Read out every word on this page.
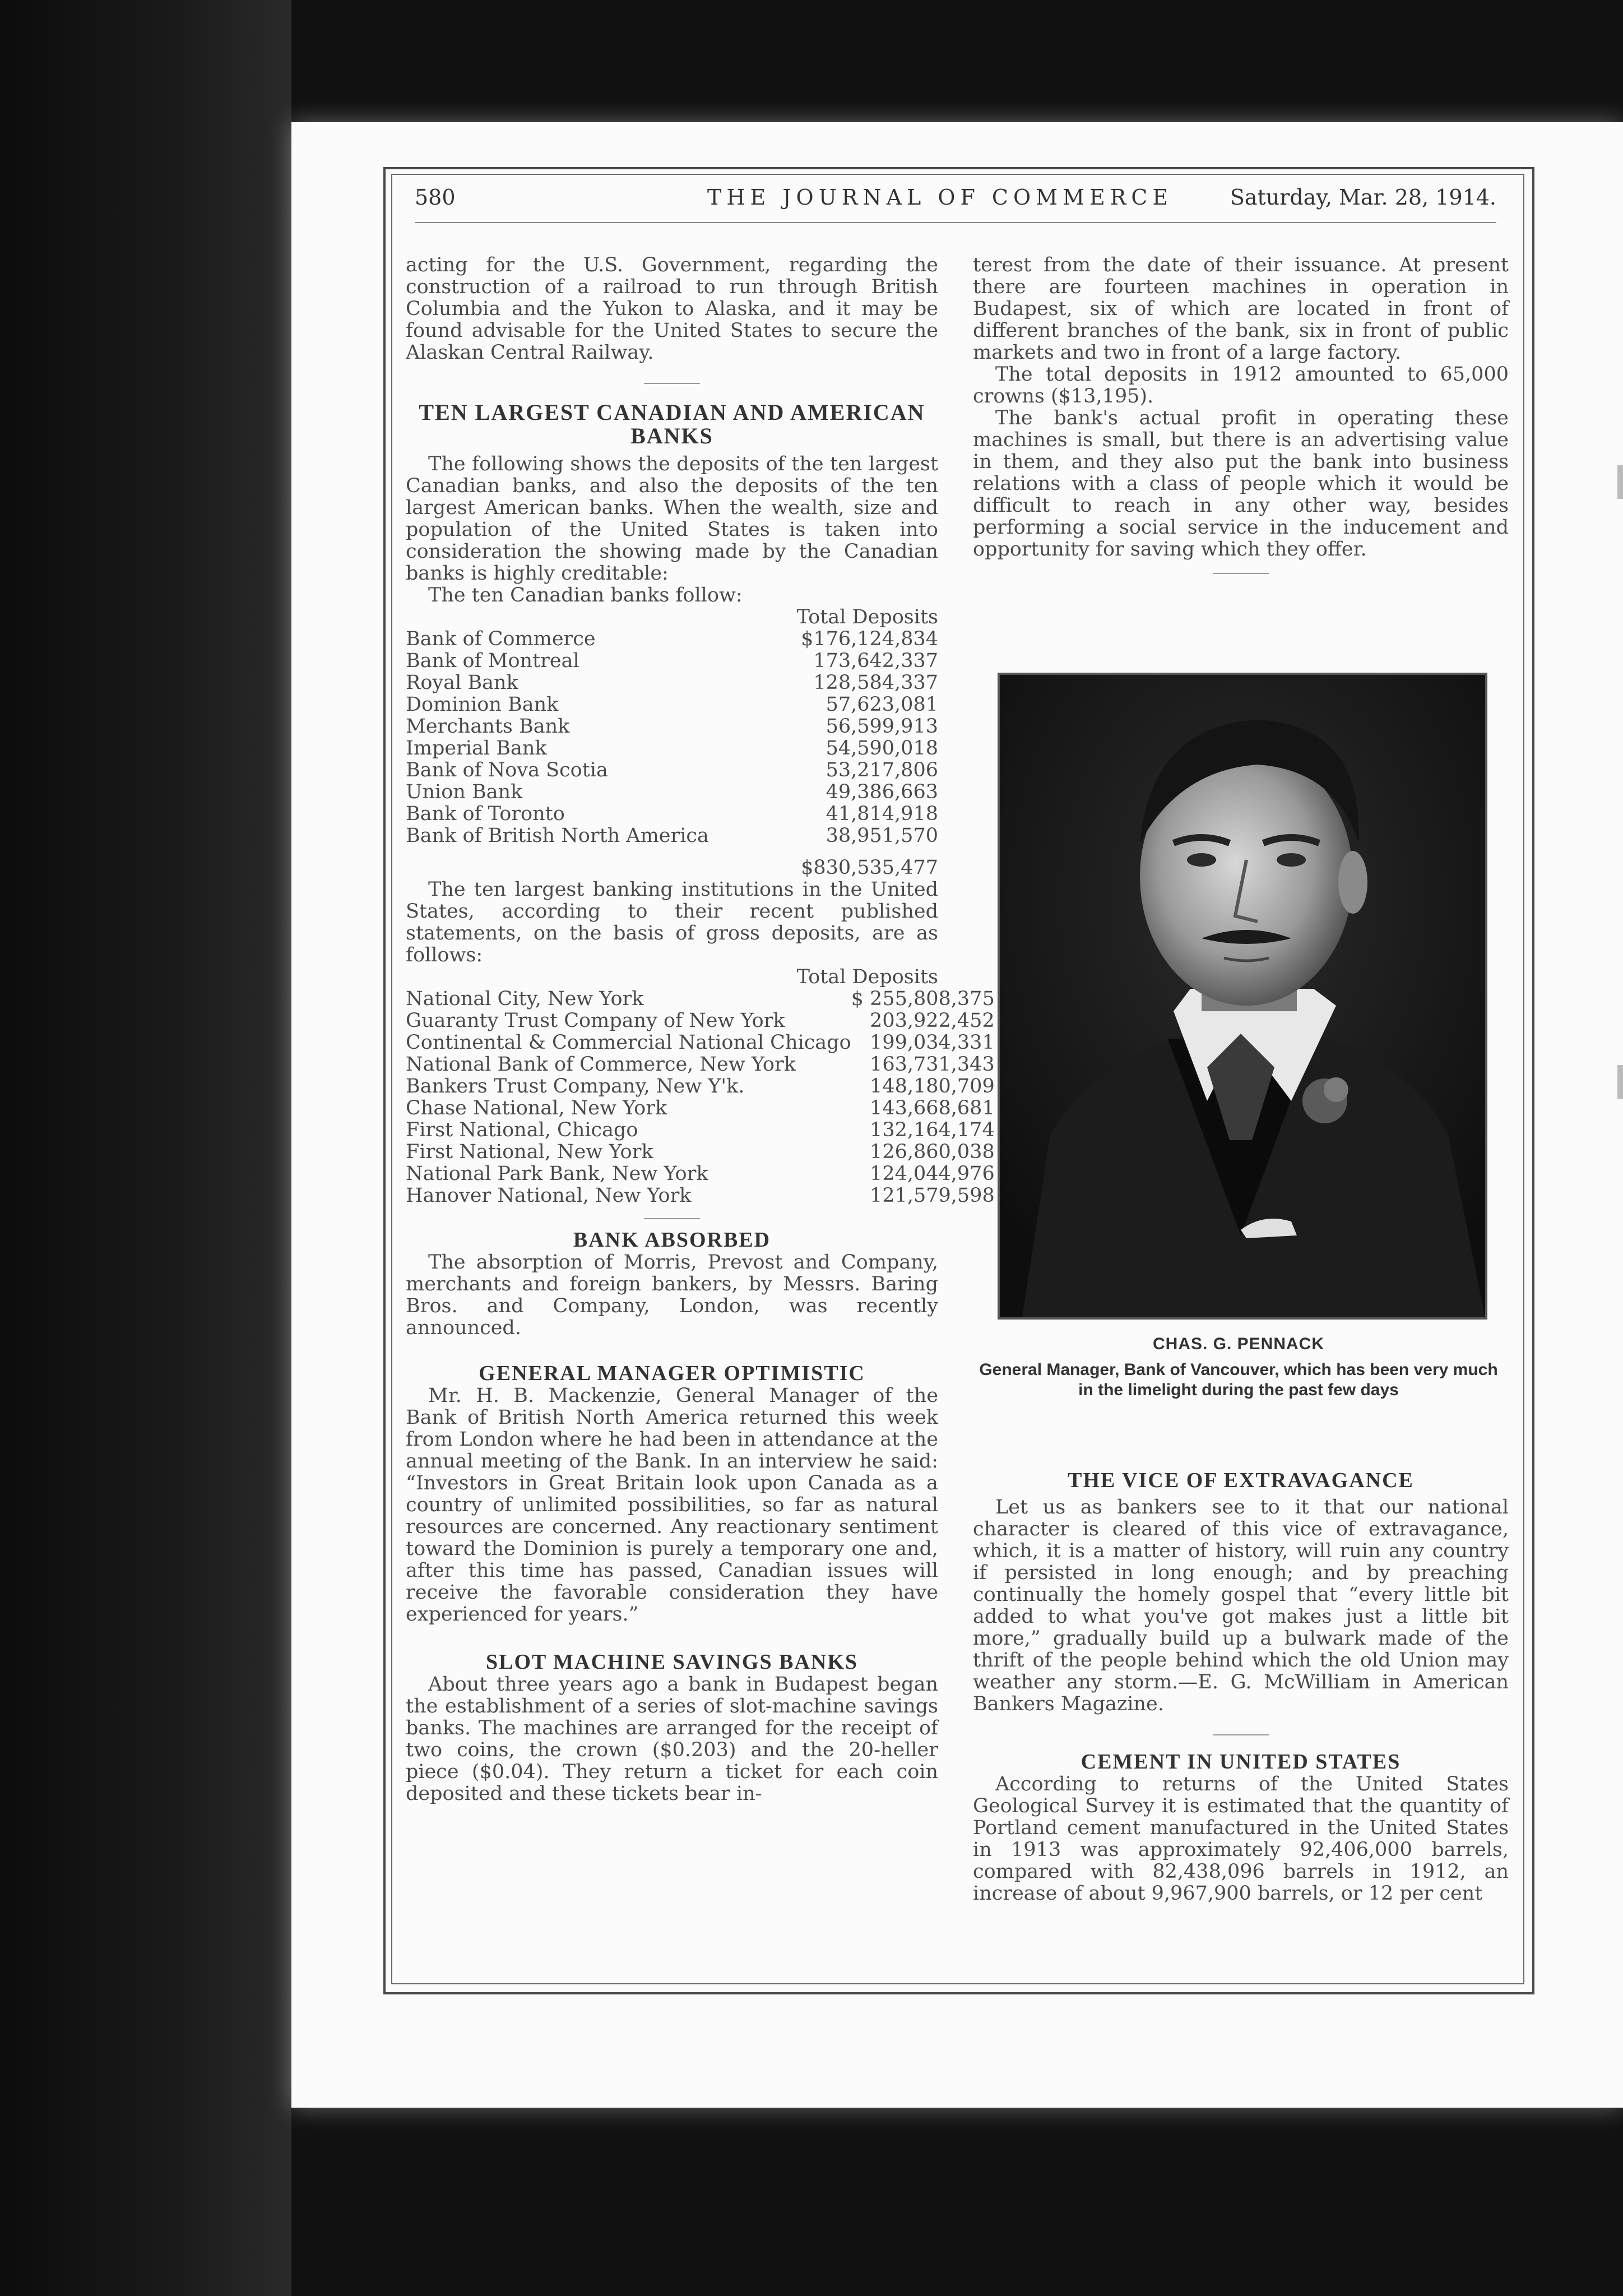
580	THE JOURNAL OF COMMERCE	Saturday, Mar. 28, 1914.

acting for the U.S. Government, regarding the construction of a railroad to run through British Columbia and the Yukon to Alaska, and it may be found advisable for the United States to secure the Alaskan Central Railway.

TEN LARGEST CANADIAN AND AMERICAN BANKS

The following shows the deposits of the ten largest Canadian banks, and also the deposits of the ten largest American banks. When the wealth, size and population of the United States is taken into consideration the showing made by the Canadian banks is highly creditable:

The ten Canadian banks follow:

Total Deposits
Bank of Commerce	$176,124,834
Bank of Montreal	173,642,337
Royal Bank	128,584,337
Dominion Bank	57,623,081
Merchants Bank	56,599,913
Imperial Bank	54,590,018
Bank of Nova Scotia	53,217,806
Union Bank	49,386,663
Bank of Toronto	41,814,918
Bank of British North America	38,951,570
$830,535,477

The ten largest banking institutions in the United States, according to their recent published statements, on the basis of gross deposits, are as follows:

Total Deposits
National City, New York	$ 255,808,375
Guaranty Trust Company of New York	203,922,452
Continental & Commercial National Chicago	199,034,331
National Bank of Commerce, New York	163,731,343
Bankers Trust Company, New Y'k.	148,180,709
Chase National, New York	143,668,681
First National, Chicago	132,164,174
First National, New York	126,860,038
National Park Bank, New York	124,044,976
Hanover National, New York	121,579,598
BANK ABSORBED

The absorption of Morris, Prevost and Company, merchants and foreign bankers, by Messrs. Baring Bros. and Company, London, was recently announced.

GENERAL MANAGER OPTIMISTIC

Mr. H. B. Mackenzie, General Manager of the Bank of British North America returned this week from London where he had been in attendance at the annual meeting of the Bank. In an interview he said: “Investors in Great Britain look upon Canada as a country of unlimited possibilities, so far as natural resources are concerned. Any reactionary sentiment toward the Dominion is purely a temporary one and, after this time has passed, Canadian issues will receive the favorable consideration they have experienced for years.”

SLOT MACHINE SAVINGS BANKS

About three years ago a bank in Budapest began the establishment of a series of slot-machine savings banks. The machines are arranged for the receipt of two coins, the crown ($0.203) and the 20-heller piece ($0.04). They return a ticket for each coin deposited and these tickets bear in-

terest from the date of their issuance. At present there are fourteen machines in operation in Budapest, six of which are located in front of different branches of the bank, six in front of public markets and two in front of a large factory.

The total deposits in 1912 amounted to 65,000 crowns ($13,195).

The bank's actual profit in operating these machines is small, but there is an advertising value in them, and they also put the bank into business relations with a class of people which it would be difficult to reach in any other way, besides performing a social service in the inducement and opportunity for saving which they offer.

CHAS. G. PENNACK
General Manager, Bank of Vancouver, which has been very much in the limelight during the past few days
THE VICE OF EXTRAVAGANCE

Let us as bankers see to it that our national character is cleared of this vice of extravagance, which, it is a matter of history, will ruin any country if persisted in long enough; and by preaching continually the homely gospel that “every little bit added to what you've got makes just a little bit more,” gradually build up a bulwark made of the thrift of the people behind which the old Union may weather any storm.—E. G. McWilliam in American Bankers Magazine.

CEMENT IN UNITED STATES

According to returns of the United States Geological Survey it is estimated that the quantity of Portland cement manufactured in the United States in 1913 was approximately 92,406,000 barrels, compared with 82,438,096 barrels in 1912, an increase of about 9,967,900 barrels, or 12 per cent
